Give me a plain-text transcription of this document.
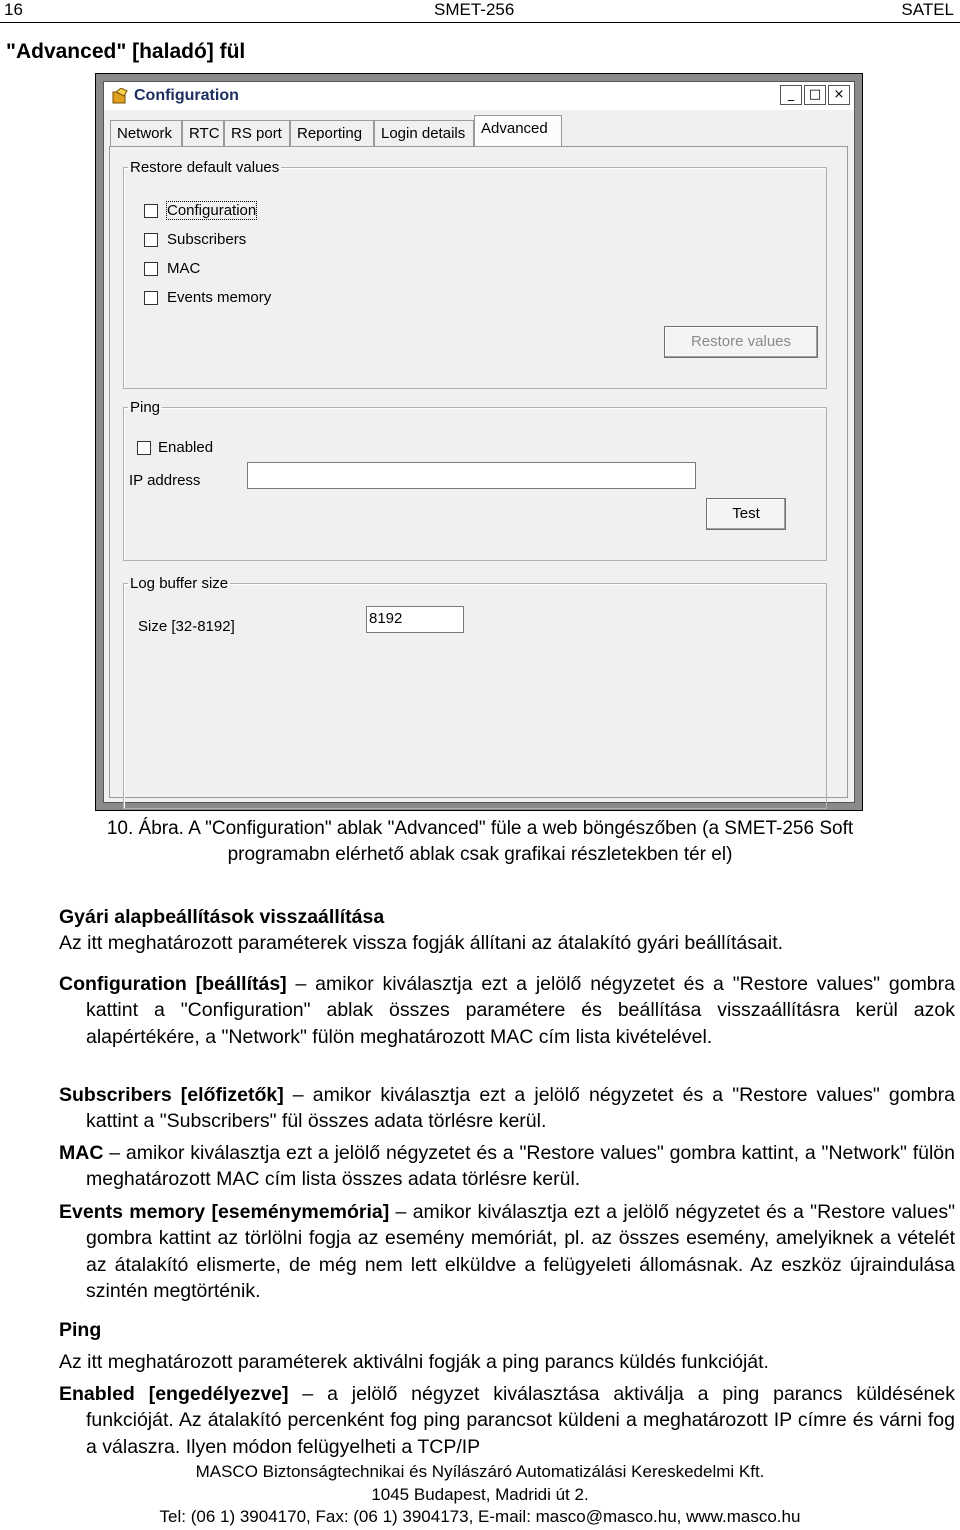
16	SMET-256	SATEL
"Advanced" [haladó] fül
Configuration	_	□ ×
Network	RTC RS port	Reporting	Login details	Advanced
Restore default values
Configuration
Subscribers
MAC
Events memory
Restore values
Ping
Enabled
IP address
Test
Log buffer size
Size [32-8192]	8192
10. Ábra. A "Configuration" ablak "Advanced" füle a web böngészőben (a SMET-256 Soft
programabn elérhető ablak csak grafikai részletekben tér el)
Gyári alapbeállítások visszaállítása
Az itt meghatározott paraméterek vissza fogják állítani az átalakító gyári beállításait.
Configuration [beállítás] – amikor kiválasztja ezt a jelölő négyzetet és a "Restore values" gombra kattint a "Configuration" ablak összes paramétere és beállítása visszaállításra kerül azok alapértékére, a "Network" fülön meghatározott MAC cím lista kivételével.
Subscribers [előfizetők] – amikor kiválasztja ezt a jelölő négyzetet és a "Restore values" gombra kattint a "Subscribers" fül összes adata törlésre kerül.
MAC – amikor kiválasztja ezt a jelölő négyzetet és a "Restore values" gombra kattint, a "Network" fülön meghatározott MAC cím lista összes adata törlésre kerül.
Events memory [eseménymemória] – amikor kiválasztja ezt a jelölő négyzetet és a "Restore values" gombra kattint az törlölni fogja az esemény memóriát, pl. az összes esemény, amelyiknek a vételét az átalakító elismerte, de még nem lett elküldve a felügyeleti állomásnak. Az eszköz újraindulása szintén megtörténik.
Ping
Az itt meghatározott paraméterek aktiválni fogják a ping parancs küldés funkcióját.
Enabled [engedélyezve] – a jelölő négyzet kiválasztása aktiválja a ping parancs küldésének funkcióját. Az átalakító percenként fog ping parancsot küldeni a meghatározott IP címre és várni fog a válaszra. Ilyen módon felügyelheti a TCP/IP
MASCO Biztonságtechnikai és Nyílászáró Automatizálási Kereskedelmi Kft.
1045 Budapest, Madridi út 2.
Tel: (06 1) 3904170, Fax: (06 1) 3904173, E-mail: masco@masco.hu, www.masco.hu
